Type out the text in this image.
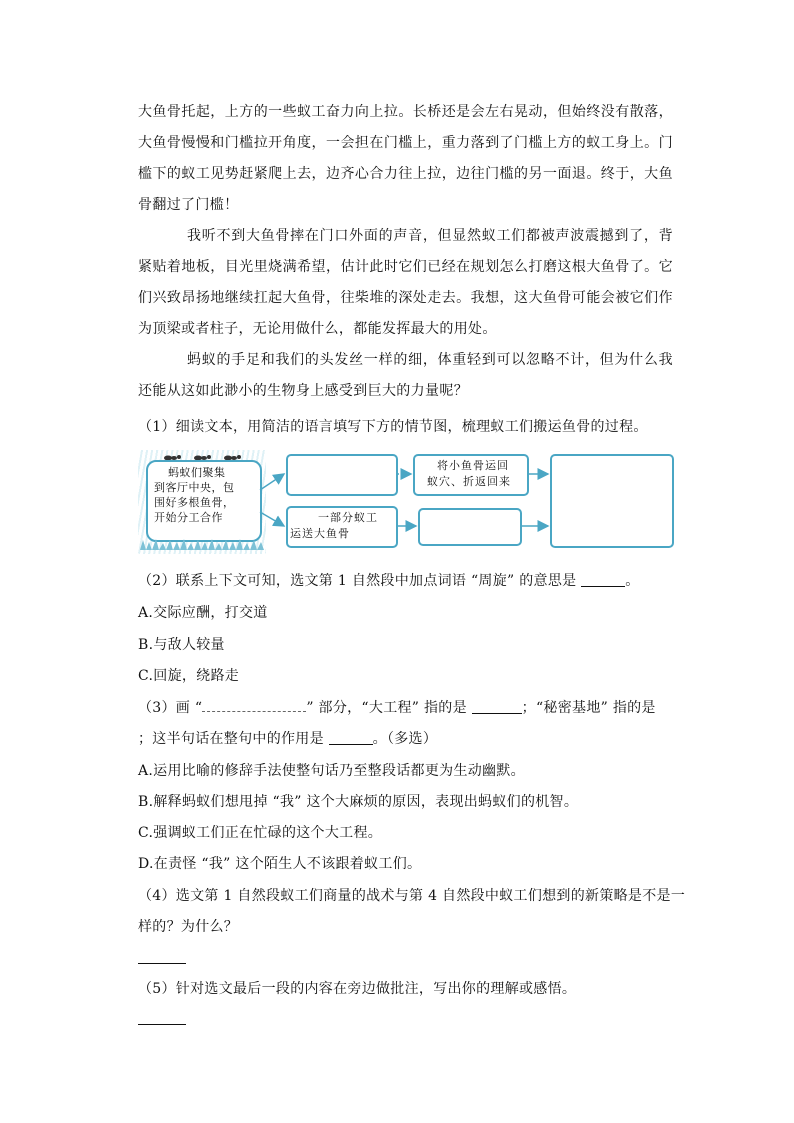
大鱼骨托起，上方的一些蚁工奋力向上拉。长桥还是会左右晃动，但始终没有散落，大鱼骨慢慢和门槛拉开角度，一会担在门槛上，重力落到了门槛上方的蚁工身上。门槛下的蚁工见势赶紧爬上去，边齐心合力往上拉，边往门槛的另一面退。终于，大鱼骨翻过了门槛！
我听不到大鱼骨摔在门口外面的声音，但显然蚁工们都被声波震撼到了，背紧贴着地板，目光里烧满希望，估计此时它们已经在规划怎么打磨这根大鱼骨了。它们兴致昂扬地继续扛起大鱼骨，往柴堆的深处走去。我想，这大鱼骨可能会被它们作为顶梁或者柱子，无论用做什么，都能发挥最大的用处。
蚂蚁的手足和我们的头发丝一样的细，体重轻到可以忽略不计，但为什么我还能从这如此渺小的生物身上感受到巨大的力量呢？
（1）细读文本，用简洁的语言填写下方的情节图，梳理蚁工们搬运鱼骨的过程。
蚂蚁们聚集
到客厅中央，包
围好多根鱼骨，
开始分工合作
将小鱼骨运回
蚁穴、折返回来
一部分蚁工
运送大鱼骨
（2）联系上下文可知，选文第 1 自然段中加点词语 “周旋” 的意思是	。
A.交际应酬，打交道
B.与敌人较量
C.回旋，绕路走
（3）画 “	” 部分，“大工程” 指的是	；“秘密基地” 指的是
；这半句话在整句中的作用是	。（多选）
A.运用比喻的修辞手法使整句话乃至整段话都更为生动幽默。
B.解释蚂蚁们想甩掉 “我” 这个大麻烦的原因，表现出蚂蚁们的机智。
C.强调蚁工们正在忙碌的这个大工程。
D.在责怪 “我” 这个陌生人不该跟着蚁工们。
（4）选文第 1 自然段蚁工们商量的战术与第 4 自然段中蚁工们想到的新策略是不是一
样的？为什么？
（5）针对选文最后一段的内容在旁边做批注，写出你的理解或感悟。
